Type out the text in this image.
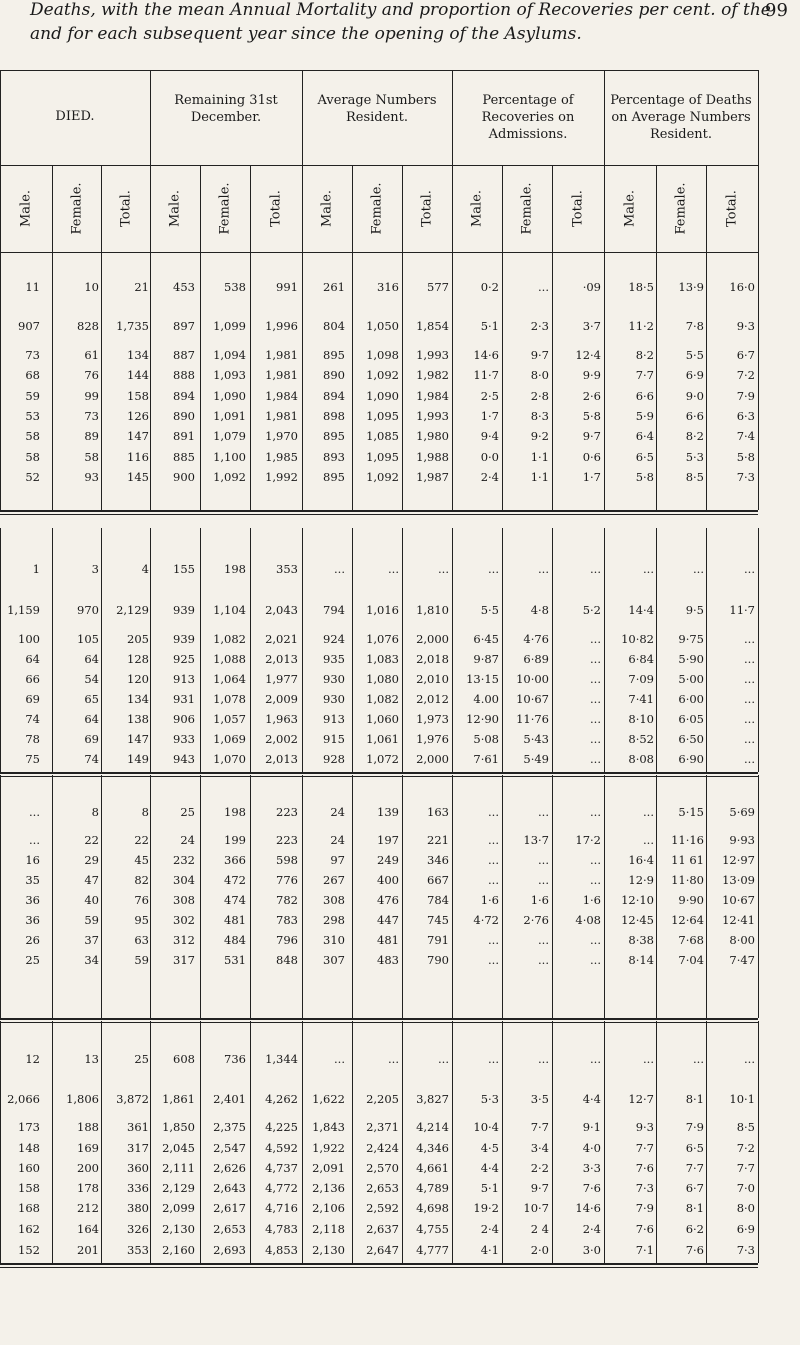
Deaths, with the mean Annual Mortality and proportion of Recoveries per cent. of the
and for each subsequent year since the opening of the Asylums.
99
DIED.
Remaining 31st December.
Average Numbers Resident.
Percentage of Recoveries on Admissions.
Percentage of Deaths on Average Numbers Resident.
Male.	Female.	Total.	Male.	Female.	Total.	Male.	Female.	Total.	Male.	Female.	Total.	Male.	Female.	Total.
11	10	21	453	538	991	261	316	577	0·2	...	·09	18·5	13·9	16·0
907	828	1,735	897	1,099	1,996	804	1,050	1,854	5·1	2·3	3·7	11·2	7·8	9·3
73	61	134	887	1,094	1,981	895	1,098	1,993	14·6	9·7	12·4	8·2	5·5	6·7
68	76	144	888	1,093	1,981	890	1,092	1,982	11·7	8·0	9·9	7·7	6·9	7·2
59	99	158	894	1,090	1,984	894	1,090	1,984	2·5	2·8	2·6	6·6	9·0	7·9
53	73	126	890	1,091	1,981	898	1,095	1,993	1·7	8·3	5·8	5·9	6·6	6·3
58	89	147	891	1,079	1,970	895	1,085	1,980	9·4	9·2	9·7	6·4	8·2	7·4
58	58	116	885	1,100	1,985	893	1,095	1,988	0·0	1·1	0·6	6·5	5·3	5·8
52	93	145	900	1,092	1,992	895	1,092	1,987	2·4	1·1	1·7	5·8	8·5	7·3
1	3	4	155	198	353	...	...	...	...	...	...	...	...	...
1,159	970	2,129	939	1,104	2,043	794	1,016	1,810	5·5	4·8	5·2	14·4	9·5	11·7
100	105	205	939	1,082	2,021	924	1,076	2,000	6·45	4·76	...	10·82	9·75	...
64	64	128	925	1,088	2,013	935	1,083	2,018	9·87	6·89	...	6·84	5·90	...
66	54	120	913	1,064	1,977	930	1,080	2,010	13·15	10·00	...	7·09	5·00	...
69	65	134	931	1,078	2,009	930	1,082	2,012	4.00	10·67	...	7·41	6·00	...
74	64	138	906	1,057	1,963	913	1,060	1,973	12·90	11·76	...	8·10	6·05	...
78	69	147	933	1,069	2,002	915	1,061	1,976	5·08	5·43	...	8·52	6·50	...
75	74	149	943	1,070	2,013	928	1,072	2,000	7·61	5·49	...	8·08	6·90	...
...	8	8	25	198	223	24	139	163	...	...	...	...	5·15	5·69
...	22	22	24	199	223	24	197	221	...	13·7	17·2	...	11·16	9·93
16	29	45	232	366	598	97	249	346	...	...	...	16·4	11 61	12·97
35	47	82	304	472	776	267	400	667	...	...	...	12·9	11·80	13·09
36	40	76	308	474	782	308	476	784	1·6	1·6	1·6	12·10	9·90	10·67
36	59	95	302	481	783	298	447	745	4·72	2·76	4·08	12·45	12·64	12·41
26	37	63	312	484	796	310	481	791	...	...	...	8·38	7·68	8·00
25	34	59	317	531	848	307	483	790	...	...	...	8·14	7·04	7·47
12	13	25	608	736	1,344	...	...	...	...	...	...	...	...	...
2,066	1,806	3,872	1,861	2,401	4,262	1,622	2,205	3,827	5·3	3·5	4·4	12·7	8·1	10·1
173	188	361	1,850	2,375	4,225	1,843	2,371	4,214	10·4	7·7	9·1	9·3	7·9	8·5
148	169	317	2,045	2,547	4,592	1,922	2,424	4,346	4·5	3·4	4·0	7·7	6·5	7·2
160	200	360	2,111	2,626	4,737	2,091	2,570	4,661	4·4	2·2	3·3	7·6	7·7	7·7
158	178	336	2,129	2,643	4,772	2,136	2,653	4,789	5·1	9·7	7·6	7·3	6·7	7·0
168	212	380	2,099	2,617	4,716	2,106	2,592	4,698	19·2	10·7	14·6	7·9	8·1	8·0
162	164	326	2,130	2,653	4,783	2,118	2,637	4,755	2·4	2 4	2·4	7·6	6·2	6·9
152	201	353	2,160	2,693	4,853	2,130	2,647	4,777	4·1	2·0	3·0	7·1	7·6	7·3
